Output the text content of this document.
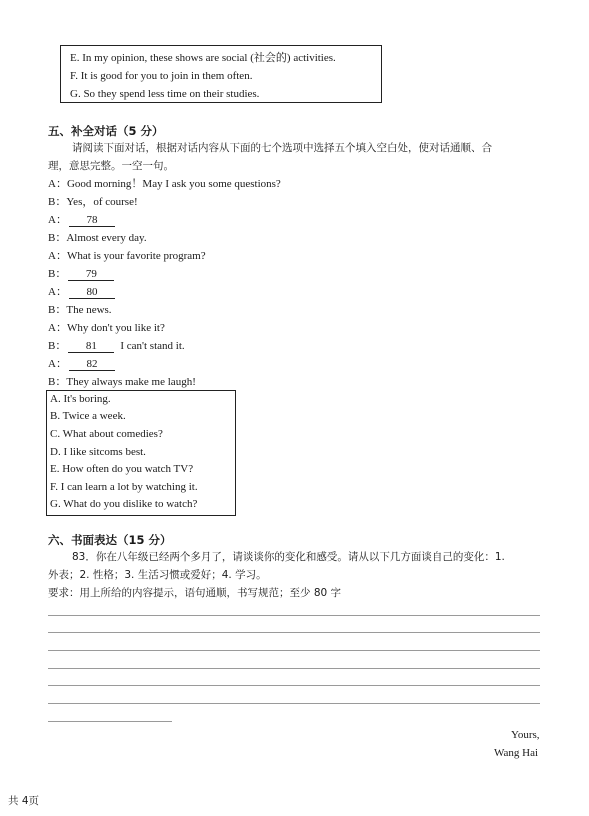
E. In my opinion, these shows are social (社会的) activities.
F. It is good for you to join in them often.
G. So they spend less time on their studies.
五、补全对话（5 分）
请阅读下面对话，根据对话内容从下面的七个选项中选择五个填入空白处，使对话通顺、合
理，意思完整。一空一句。
A：Good morning！May I ask you some questions?
B：Yes，of course!
A： 78
B：Almost every day.
A：What is your favorite program?
B： 79
A： 80
B：The news.
A：Why don't you like it?
B： 81 I can't stand it.
A： 82
B：They always make me laugh!
A. It's boring.
B. Twice a week.
C. What about comedies?
D. I like sitcoms best.
E. How often do you watch TV?
F. I can learn a lot by watching it.
G. What do you dislike to watch?
六、书面表达（15 分）
83．你在八年级已经两个多月了，请谈谈你的变化和感受。请从以下几方面谈自己的变化：1.
外表；2. 性格；3. 生活习惯或爱好；4. 学习。
要求：用上所给的内容提示，语句通顺，书写规范；至少 80 字
Yours,
Wang Hai
共 4页
